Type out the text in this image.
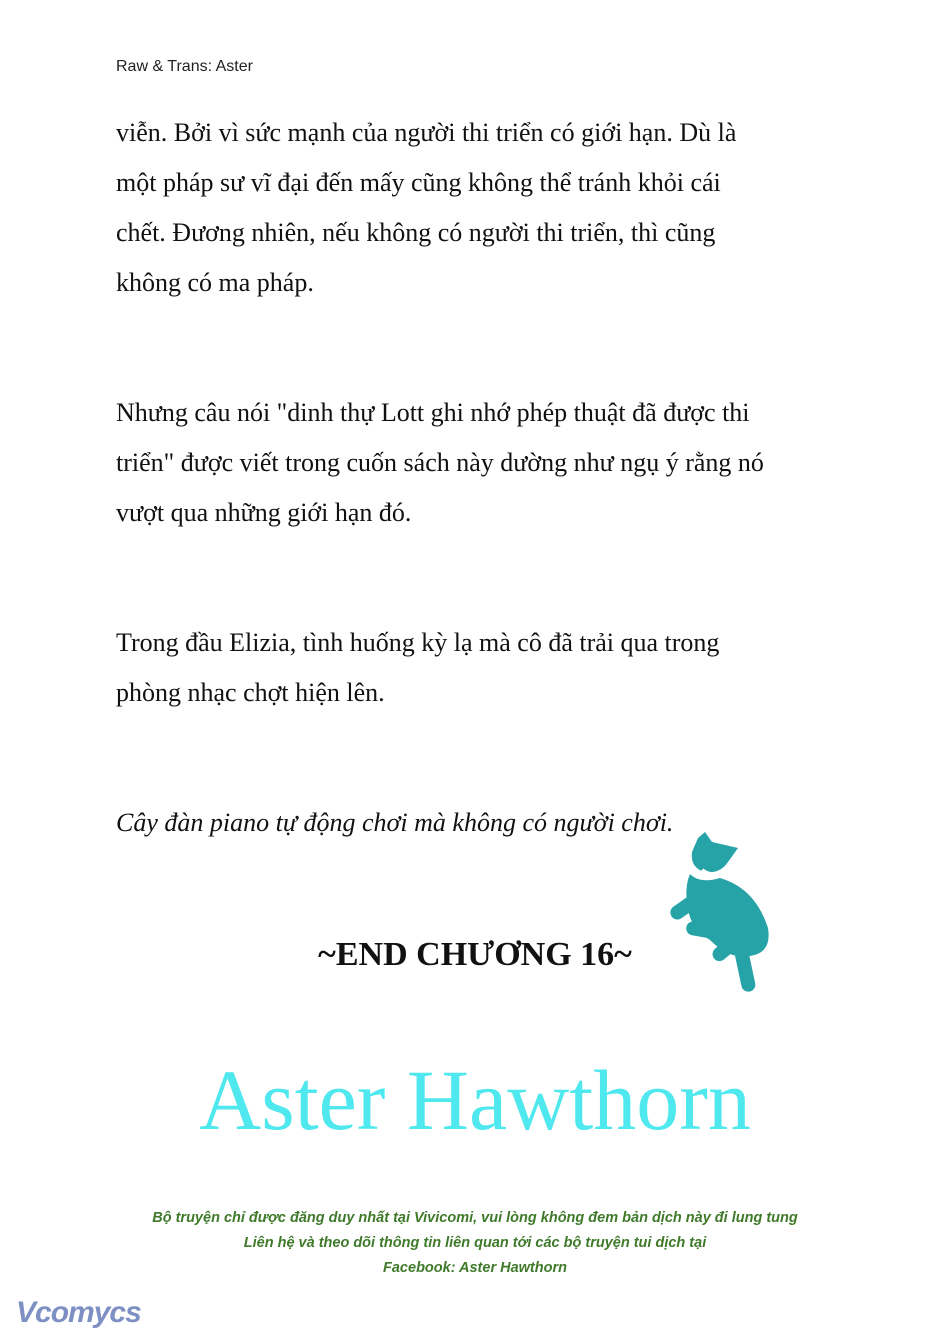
Raw & Trans: Aster

viễn. Bởi vì sức mạnh của người thi triển có giới hạn. Dù là

một pháp sư vĩ đại đến mấy cũng không thể tránh khỏi cái

chết. Đương nhiên, nếu không có người thi triển, thì cũng

không có ma pháp.

Nhưng câu nói "dinh thự Lott ghi nhớ phép thuật đã được thi

triển" được viết trong cuốn sách này dường như ngụ ý rằng nó

vượt qua những giới hạn đó.

Trong đầu Elizia, tình huống kỳ lạ mà cô đã trải qua trong

phòng nhạc chợt hiện lên.

Cây đàn piano tự động chơi mà không có người chơi.

~END CHƯƠNG 16~
Aster Hawthorn
Bộ truyện chỉ được đăng duy nhất tại Vivicomi, vui lòng không đem bản dịch này đi lung tung
Liên hệ và theo dõi thông tin liên quan tới các bộ truyện tui dịch tại
Facebook: Aster Hawthorn
Vcomycs
